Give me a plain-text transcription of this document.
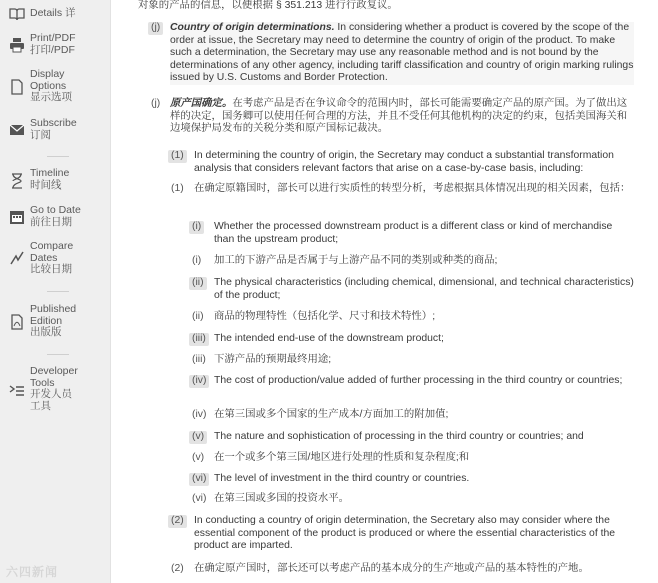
Details 详
Print/PDF
打印/PDF
Display
Options
显示选项
Subscribe
订阅
Timeline
时间线
Go to Date
前往日期
Compare
Dates
比较日期
Published
Edition
出版版
Developer
Tools
开发人员
工具
六四新闻
对象的产品的信息，以便根据 § 351.213 进行行政复议。
(j) Country of origin determinations. In considering whether a product is covered by the scope of the order at issue, the Secretary may need to determine the country of origin of the product. To make such a determination, the Secretary may use any reasonable method and is not bound by the determinations of any other agency, including tariff classification and country of origin marking rulings issued by U.S. Customs and Border Protection.
(j) 原产国确定。在考虑产品是否在争议命令的范围内时，部长可能需要确定产品的原产国。为了做出这样的决定，国务卿可以使用任何合理的方法，并且不受任何其他机构的决定的约束，包括美国海关和边境保护局发布的关税分类和原产国标记裁决。
(1) In determining the country of origin, the Secretary may conduct a substantial transformation analysis that considers relevant factors that arise on a case-by-case basis, including:
(1) 在确定原籍国时，部长可以进行实质性的转型分析，考虑根据具体情况出现的相关因素，包括：
(i) Whether the processed downstream product is a different class or kind of merchandise than the upstream product;
(i) 加工的下游产品是否属于与上游产品不同的类别或种类的商品;
(ii) The physical characteristics (including chemical, dimensional, and technical characteristics) of the product;
(ii) 商品的物理特性（包括化学、尺寸和技术特性）;
(iii) The intended end-use of the downstream product;
(iii) 下游产品的预期最终用途;
(iv) The cost of production/value added of further processing in the third country or countries;
(iv) 在第三国或多个国家的生产成本/方面加工的附加值;
(v) The nature and sophistication of processing in the third country or countries; and
(v) 在一个或多个第三国/地区进行处理的性质和复杂程度;和
(vi) The level of investment in the third country or countries.
(vi) 在第三国或多国的投资水平。
(2) In conducting a country of origin determination, the Secretary also may consider where the essential component of the product is produced or where the essential characteristics of the product are imparted.
(2) 在确定原产国时，部长还可以考虑产品的基本成分的生产地或产品的基本特性的产地。
